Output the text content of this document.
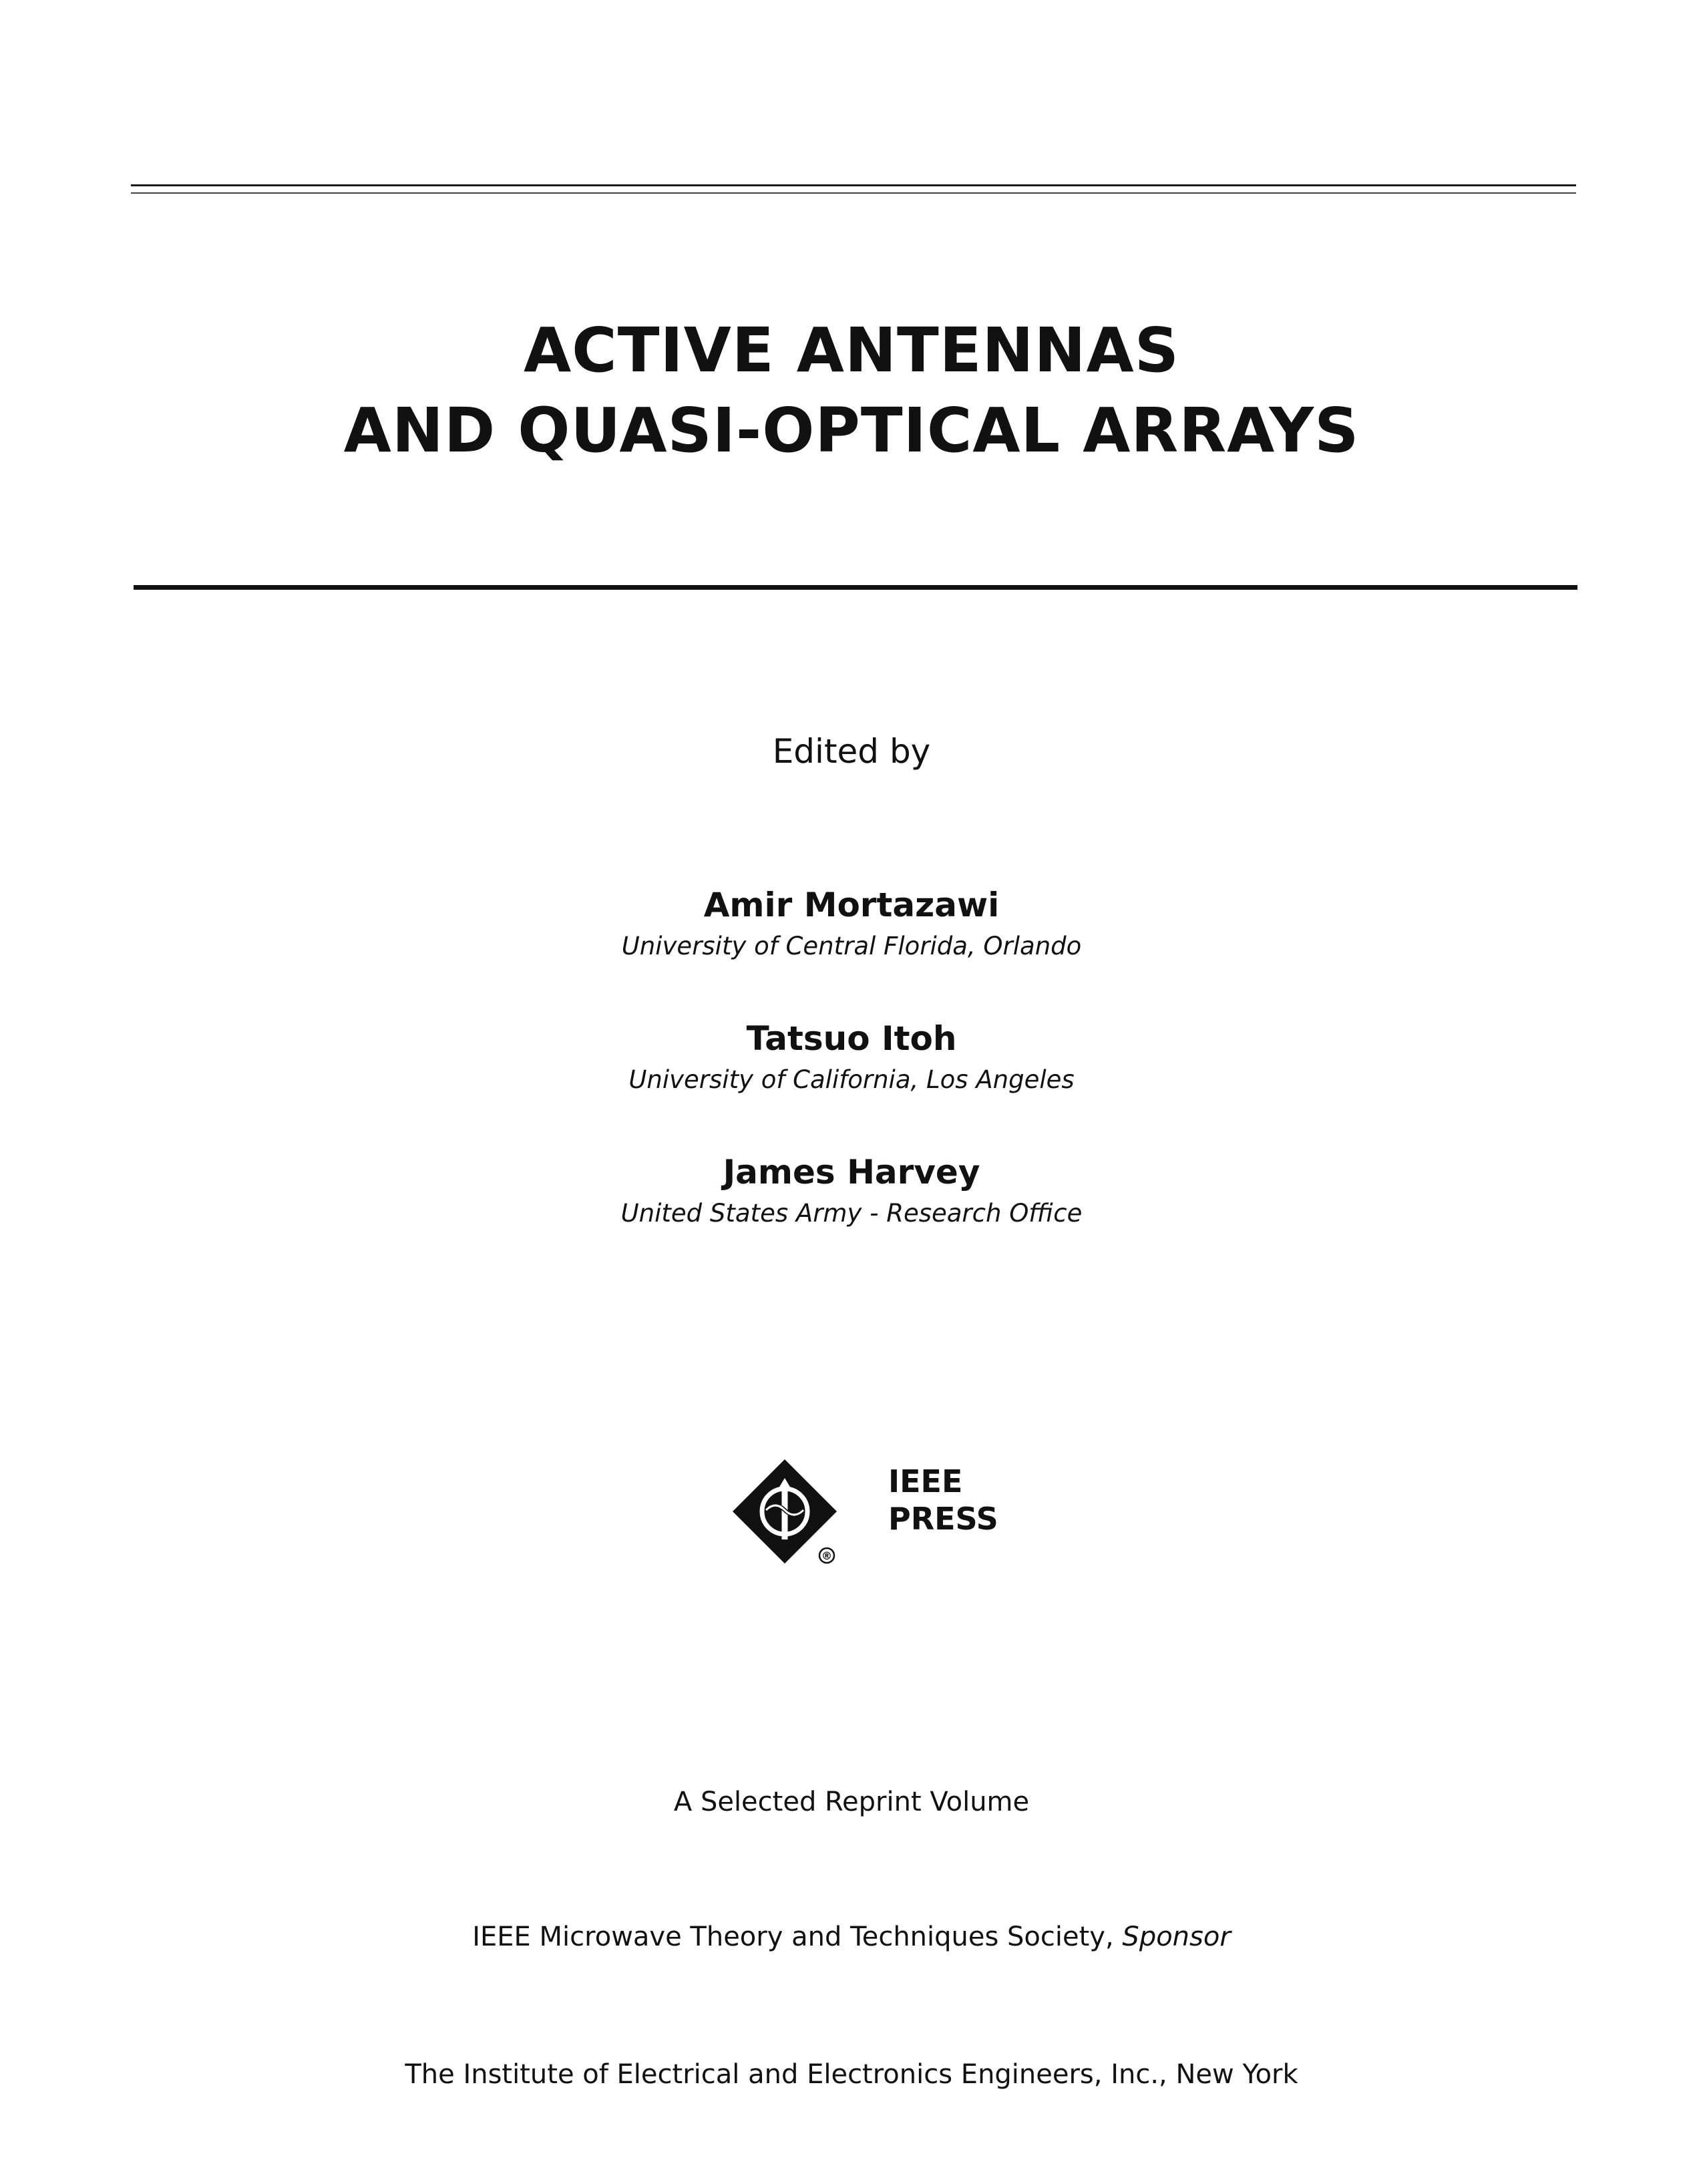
ACTIVE ANTENNAS
AND QUASI-OPTICAL ARRAYS

Edited by

Amir Mortazawi

University of Central Florida, Orlando

Tatsuo Itoh

University of California, Los Angeles

James Harvey

United States Army - Research Office

®
IEEE
PRESS

A Selected Reprint Volume

IEEE Microwave Theory and Techniques Society, Sponsor

The Institute of Electrical and Electronics Engineers, Inc., New York
